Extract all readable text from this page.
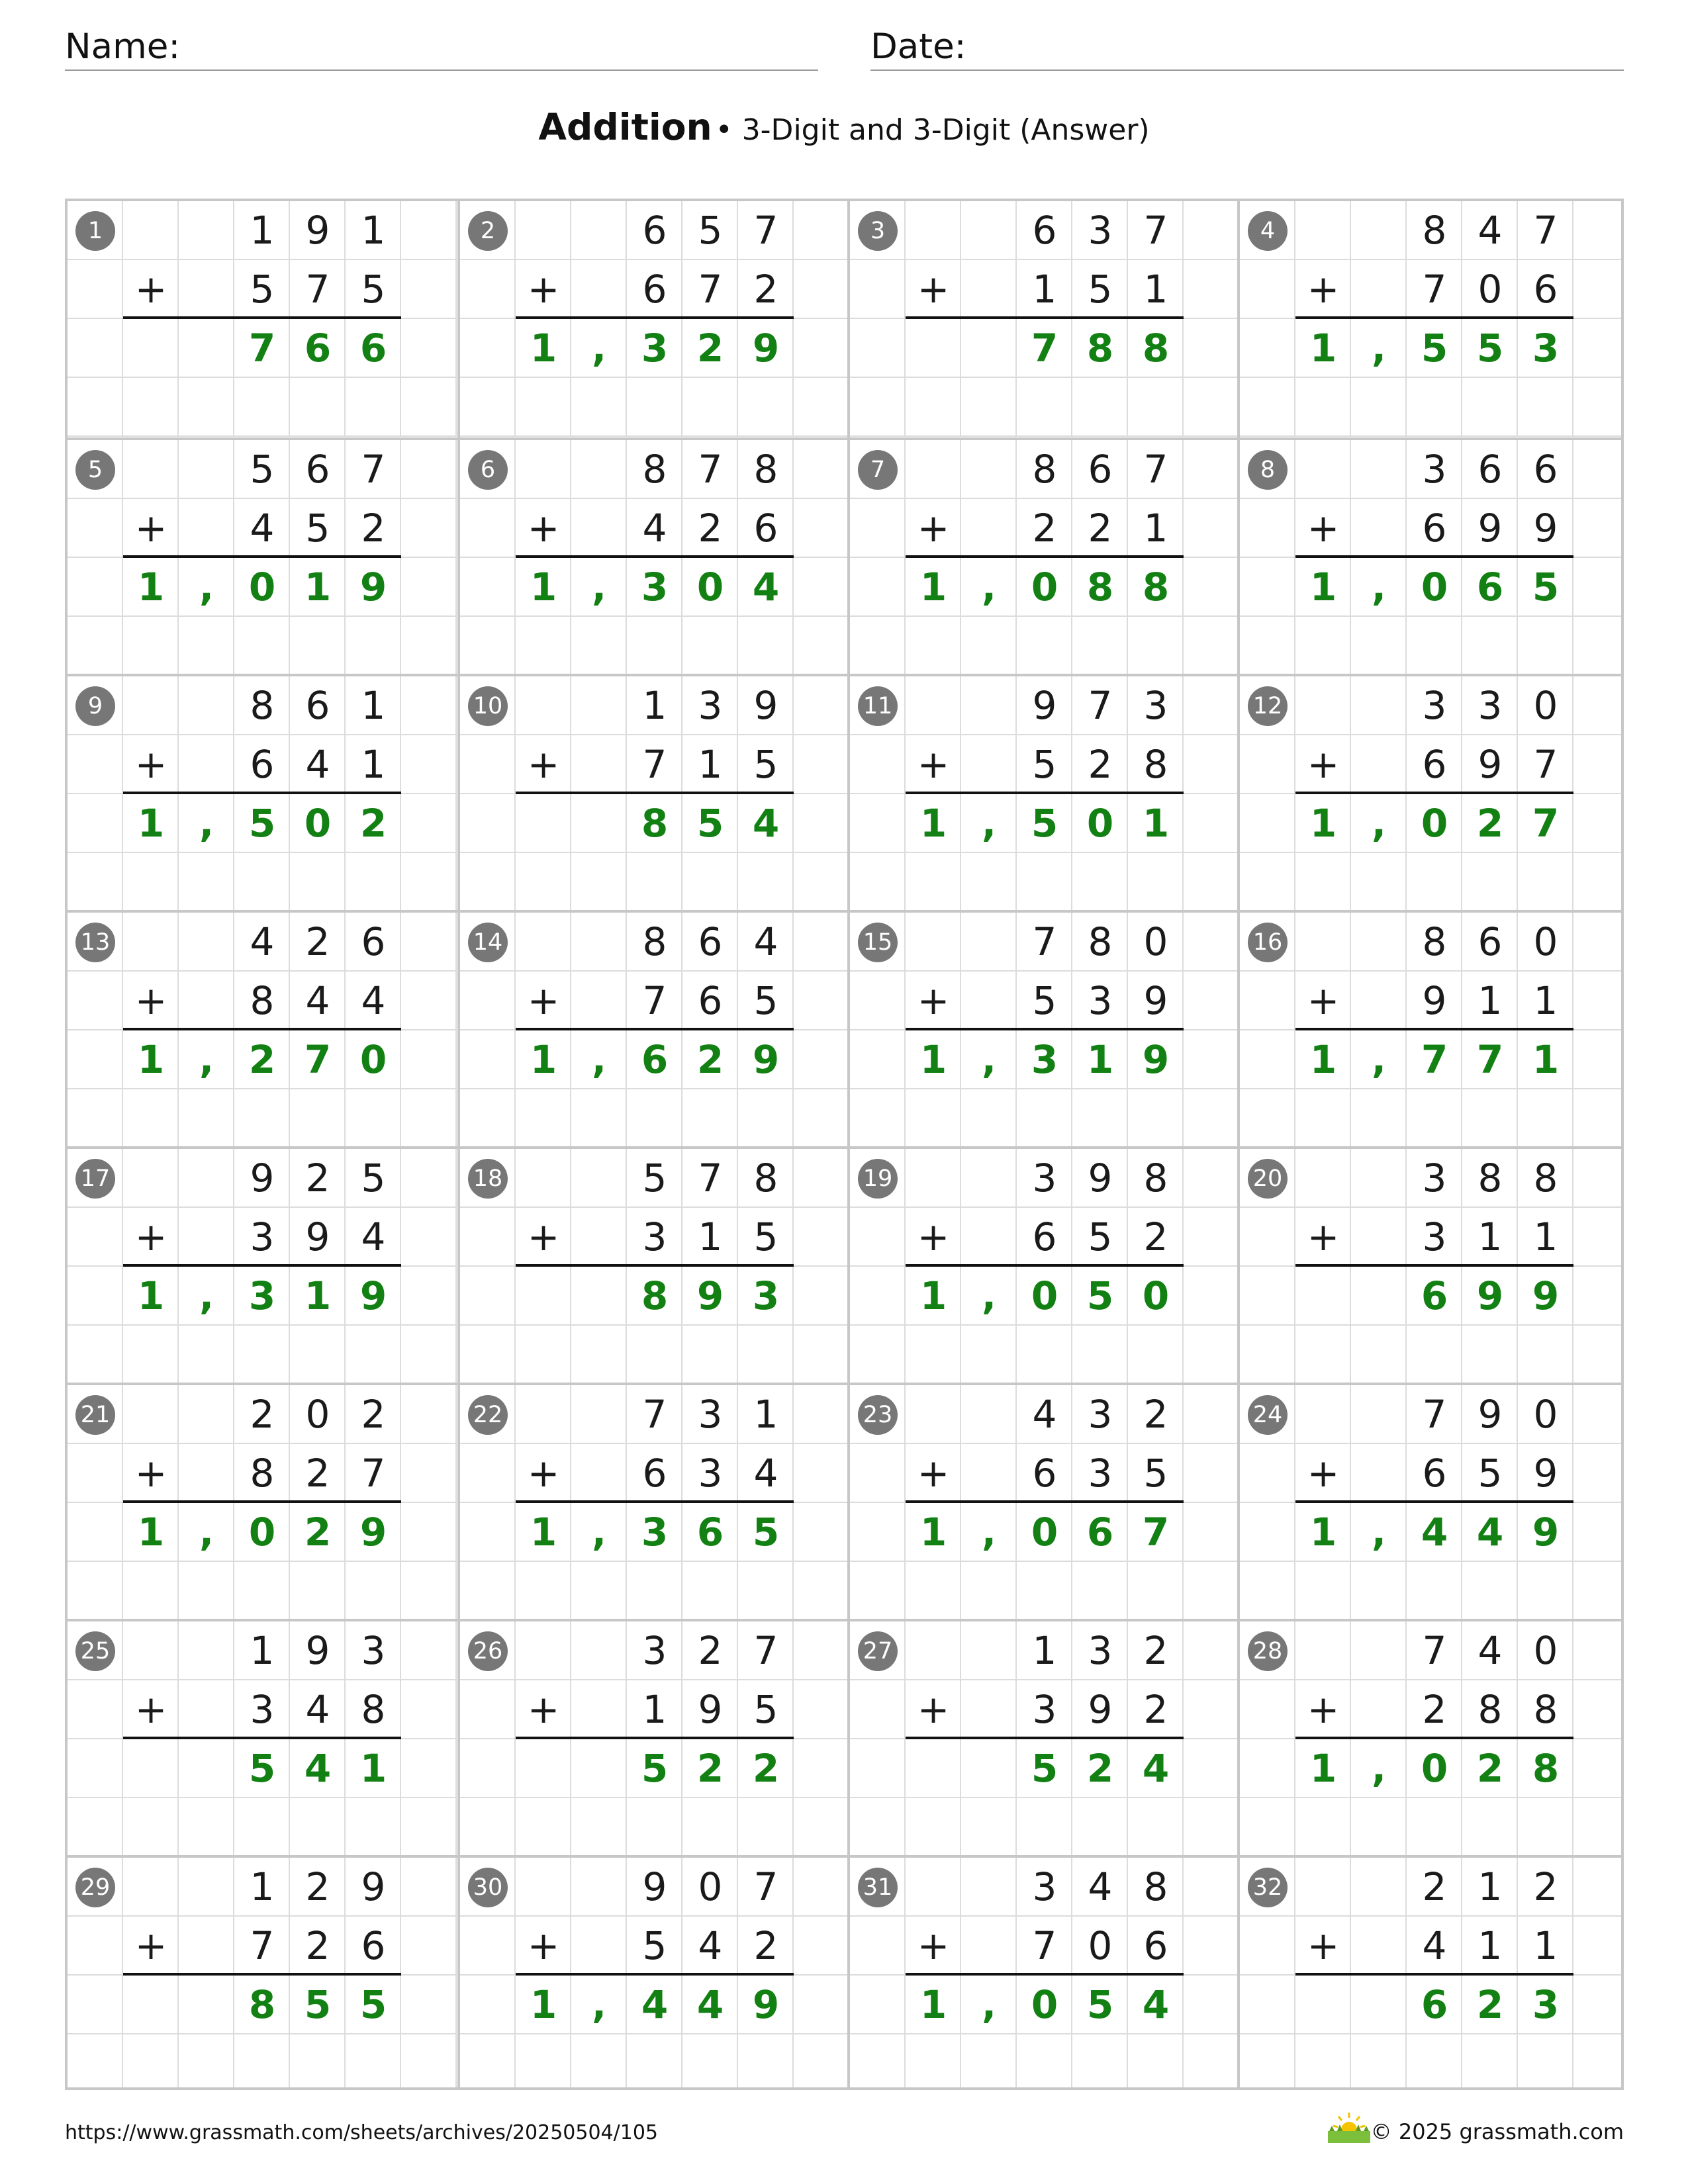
Name:	Date:
Addition • 3-Digit and 3-Digit (Answer)
1
+
1 9 1
5 7 5
7 6 6
2
+
6 5 7
6 7 2
1 , 3 2 9
3
+
6 3 7
1 5 1
7 8 8
4
+
8 4 7
7 0 6
1 , 5 5 3
5
+
5 6 7
4 5 2
1 , 0 1 9
6
+
8 7 8
4 2 6
1 , 3 0 4
7
+
8 6 7
2 2 1
1 , 0 8 8
8
+
3 6 6
6 9 9
1 , 0 6 5
9
+
8 6 1
6 4 1
1 , 5 0 2
10
+
1 3 9
7 1 5
8 5 4
11
+
9 7 3
5 2 8
1 , 5 0 1
12
+
3 3 0
6 9 7
1 , 0 2 7
13
+
4 2 6
8 4 4
1 , 2 7 0
14
+
8 6 4
7 6 5
1 , 6 2 9
15
+
7 8 0
5 3 9
1 , 3 1 9
16
+
8 6 0
9 1 1
1 , 7 7 1
17
+
9 2 5
3 9 4
1 , 3 1 9
18
+
5 7 8
3 1 5
8 9 3
19
+
3 9 8
6 5 2
1 , 0 5 0
20
+
3 8 8
3 1 1
6 9 9
21
+
2 0 2
8 2 7
1 , 0 2 9
22
+
7 3 1
6 3 4
1 , 3 6 5
23
+
4 3 2
6 3 5
1 , 0 6 7
24
+
7 9 0
6 5 9
1 , 4 4 9
25
+
1 9 3
3 4 8
5 4 1
26
+
3 2 7
1 9 5
5 2 2
27
+
1 3 2
3 9 2
5 2 4
28
+
7 4 0
2 8 8
1 , 0 2 8
29
+
1 2 9
7 2 6
8 5 5
30
+
9 0 7
5 4 2
1 , 4 4 9
31
+
3 4 8
7 0 6
1 , 0 5 4
32
+
2 1 2
4 1 1
6 2 3
https://www.grassmath.com/sheets/archives/20250504/105	© 2025 grassmath.com
